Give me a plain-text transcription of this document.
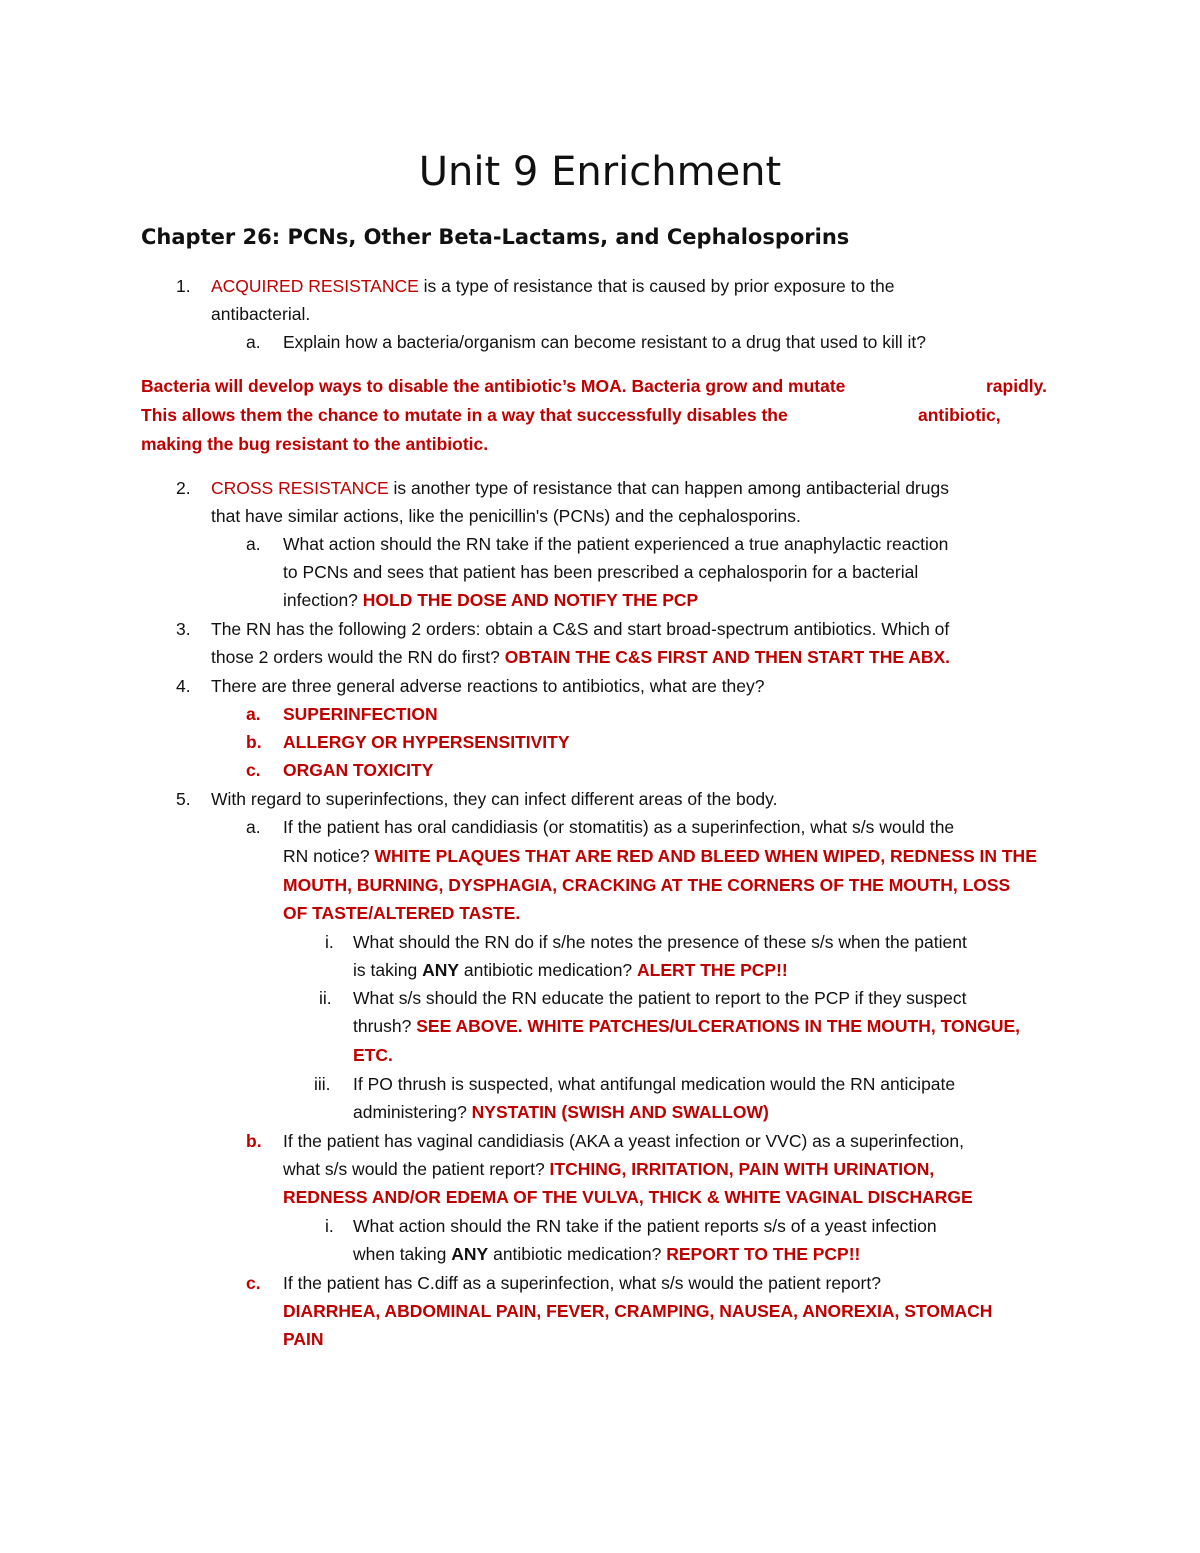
Unit 9 Enrichment
Chapter 26: PCNs, Other Beta-Lactams, and Cephalosporins
1. ACQUIRED RESISTANCE is a type of resistance that is caused by prior exposure to the
antibacterial.
a. Explain how a bacteria/organism can become resistant to a drug that used to kill it?
Bacteria will develop ways to disable the antibiotic’s MOA. Bacteria grow and mutate	rapidly.
This allows them the chance to mutate in a way that successfully disables the	antibiotic,
making the bug resistant to the antibiotic.
2. CROSS RESISTANCE is another type of resistance that can happen among antibacterial drugs
that have similar actions, like the penicillin's (PCNs) and the cephalosporins.
a. What action should the RN take if the patient experienced a true anaphylactic reaction
to PCNs and sees that patient has been prescribed a cephalosporin for a bacterial
infection? HOLD THE DOSE AND NOTIFY THE PCP
3. The RN has the following 2 orders: obtain a C&S and start broad-spectrum antibiotics. Which of
those 2 orders would the RN do first? OBTAIN THE C&S FIRST AND THEN START THE ABX.
4. There are three general adverse reactions to antibiotics, what are they?
a. SUPERINFECTION
b. ALLERGY OR HYPERSENSITIVITY
c. ORGAN TOXICITY
5. With regard to superinfections, they can infect different areas of the body.
a. If the patient has oral candidiasis (or stomatitis) as a superinfection, what s/s would the
RN notice? WHITE PLAQUES THAT ARE RED AND BLEED WHEN WIPED, REDNESS IN THE
MOUTH, BURNING, DYSPHAGIA, CRACKING AT THE CORNERS OF THE MOUTH, LOSS
OF TASTE/ALTERED TASTE.
i. What should the RN do if s/he notes the presence of these s/s when the patient
is taking ANY antibiotic medication? ALERT THE PCP!!
ii. What s/s should the RN educate the patient to report to the PCP if they suspect
thrush? SEE ABOVE. WHITE PATCHES/ULCERATIONS IN THE MOUTH, TONGUE,
ETC.
iii. If PO thrush is suspected, what antifungal medication would the RN anticipate
administering? NYSTATIN (SWISH AND SWALLOW)
b. If the patient has vaginal candidiasis (AKA a yeast infection or VVC) as a superinfection,
what s/s would the patient report? ITCHING, IRRITATION, PAIN WITH URINATION,
REDNESS AND/OR EDEMA OF THE VULVA, THICK & WHITE VAGINAL DISCHARGE
i. What action should the RN take if the patient reports s/s of a yeast infection
when taking ANY antibiotic medication? REPORT TO THE PCP!!
c. If the patient has C.diff as a superinfection, what s/s would the patient report?
DIARRHEA, ABDOMINAL PAIN, FEVER, CRAMPING, NAUSEA, ANOREXIA, STOMACH
PAIN
